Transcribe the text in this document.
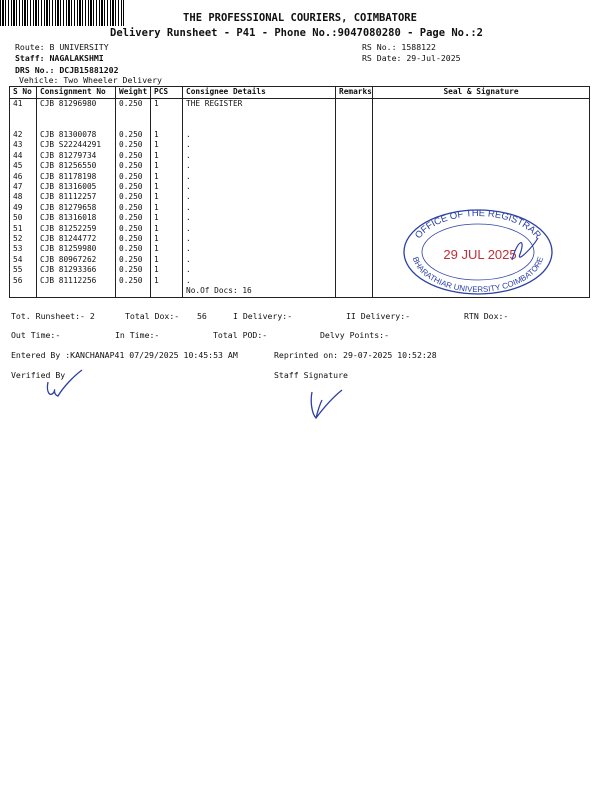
THE PROFESSIONAL COURIERS, COIMBATORE
Delivery Runsheet - P41 - Phone No.:9047080280 - Page No.:2
Route: B UNIVERSITY
Staff: NAGALAKSHMI
DRS No.: DCJB15881202
Vehicle: Two Wheeler Delivery
RS No.: 1588122
RS Date: 29-Jul-2025
S No	Consignment No	Weight	PCS	Consignee Details	Remarks	Seal & Signature
41	CJB 81296980	0.250	1	THE REGISTER		
42	CJB 81300078	0.250	1	.		
43	CJB S22244291	0.250	1	.		
44	CJB 81279734	0.250	1	.		
45	CJB 81256550	0.250	1	.		
46	CJB 81178198	0.250	1	.		
47	CJB 81316005	0.250	1	.		
48	CJB 81112257	0.250	1	.		
49	CJB 81279658	0.250	1	.		
50	CJB 81316018	0.250	1	.		
51	CJB 81252259	0.250	1	.		
52	CJB 81244772	0.250	1	.		
53	CJB 81259980	0.250	1	.		
54	CJB 80967262	0.250	1	.		
55	CJB 81293366	0.250	1	.		
56	CJB 81112256	0.250	1	.		
				No.Of Docs: 16		
OFFICE OF THE REGISTRAR
BHARATHIAR UNIVERSITY COIMBATORE
29 JUL 2025
Tot. Runsheet:- 2	Total Dox:- 56	I Delivery:-	II Delivery:-	RTN Dox:-
Out Time:-	In Time:-	Total POD:-	Delvy Points:-
Entered By :KANCHANAP41 07/29/2025 10:45:53 AM	Reprinted on: 29-07-2025 10:52:28
Verified By	Staff Signature
